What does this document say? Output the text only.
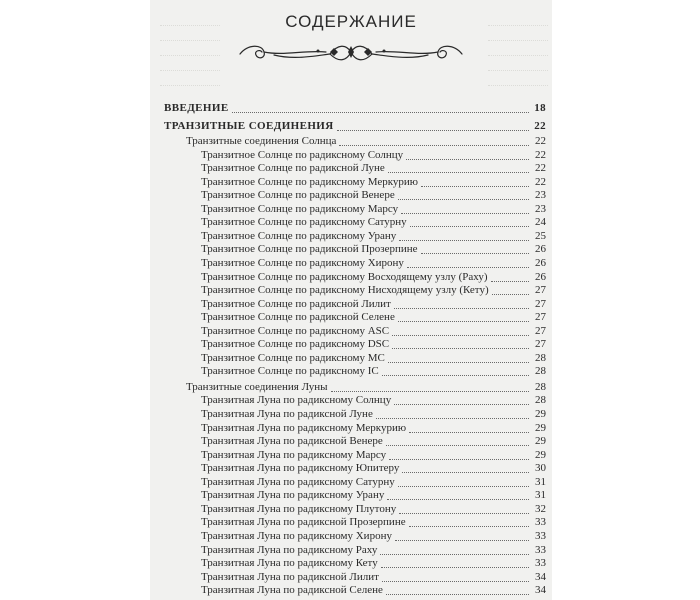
СОДЕРЖАНИЕ
ВВЕДЕНИЕ	18
ТРАНЗИТНЫЕ СОЕДИНЕНИЯ	22
Транзитные соединения Солнца	22
Транзитное Солнце по радиксному Солнцу	22
Транзитное Солнце по радиксной Луне	22
Транзитное Солнце по радиксному Меркурию	22
Транзитное Солнце по радиксной Венере	23
Транзитное Солнце по радиксному Марсу	23
Транзитное Солнце по радиксному Сатурну	24
Транзитное Солнце по радиксному Урану	25
Транзитное Солнце по радиксной Прозерпине	26
Транзитное Солнце по радиксному Хирону	26
Транзитное Солнце по радиксному Восходящему узлу (Раху)	26
Транзитное Солнце по радиксному Нисходящему узлу (Кету)	27
Транзитное Солнце по радиксной Лилит	27
Транзитное Солнце по радиксной Селене	27
Транзитное Солнце по радиксному ASC	27
Транзитное Солнце по радиксному DSC	27
Транзитное Солнце по радиксному МС	28
Транзитное Солнце по радиксному IC	28
Транзитные соединения Луны	28
Транзитная Луна по радиксному Солнцу	28
Транзитная Луна по радиксной Луне	29
Транзитная Луна по радиксному Меркурию	29
Транзитная Луна по радиксной Венере	29
Транзитная Луна по радиксному Марсу	29
Транзитная Луна по радиксному Юпитеру	30
Транзитная Луна по радиксному Сатурну	31
Транзитная Луна по радиксному Урану	31
Транзитная Луна по радиксному Плутону	32
Транзитная Луна по радиксной Прозерпине	33
Транзитная Луна по радиксному Хирону	33
Транзитная Луна по радиксному Раху	33
Транзитная Луна по радиксному Кету	33
Транзитная Луна по радиксной Лилит	34
Транзитная Луна по радиксной Селене	34
